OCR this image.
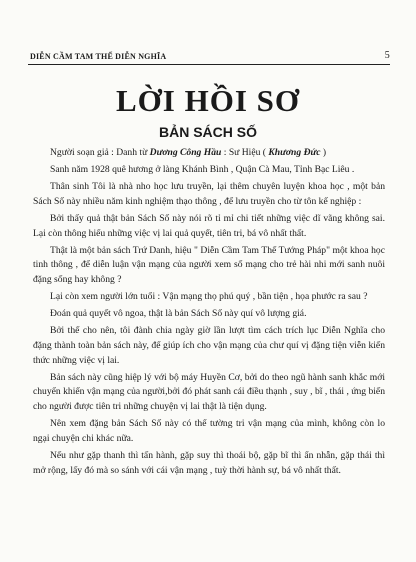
DIỄN CẦM TAM THẾ DIỄN NGHĨA	5
LỜI HỒI SƠ
BẢN SÁCH SỐ

Người soạn giả : Danh từ Dương Công Hầu : Sư Hiệu ( Khương Đức )

Sanh năm 1928 quê hương ở làng Khánh Bình , Quận Cà Mau, Tỉnh Bạc Liêu .

Thân sinh Tôi là nhà nho học lưu truyền, lại thêm chuyên luyện khoa học , một bản Sách Số này nhiều năm kinh nghiệm thạo thông , để lưu truyền cho từ tôn kế nghiệp :

Bởi thấy quả thật bản Sách Số này nói rõ tỉ mỉ chi tiết những việc dĩ vãng không sai. Lại còn thông hiểu những việc vị lai quả quyết, tiên tri, bá vô nhất thất.

Thật là một bản sách Trứ Danh, hiệu " Diễn Cầm Tam Thế Tướng Pháp" một khoa học tinh thông , để diễn luận vận mạng của người xem số mạng cho trẻ hài nhi mới sanh nuôi đặng sống hay không ?

Lại còn xem người lớn tuổi : Vận mạng thọ phú quý , bần tiện , họa phước ra sau ?

Đoán quả quyết vô ngoa, thật là bản Sách Số này quí vô lượng giá.

Bởi thế cho nên, tôi đành chia ngày giờ lần lượt tìm cách trích lục Diễn Nghĩa cho đặng thành toàn bản sách này, để giúp ích cho vận mạng của chư quí vị đặng tiện viễn kiến thức những việc vị lai.

Bản sách này cũng hiệp lý với bộ máy Huyền Cơ, bởi do theo ngũ hành sanh khắc mới chuyển khiến vận mạng của người,bởi đó phát sanh cái điều thạnh , suy , bĩ , thái , ứng biến cho người được tiên tri những chuyện vị lai thật là tiện dụng.

Nên xem đặng bản Sách Số này có thể tường tri vận mạng của mình, không còn lo ngại chuyện chi khác nữa.

Nếu như gặp thanh thì tấn hành, gặp suy thì thoái bộ, gặp bĩ thì ẩn nhẫn, gặp thái thì mở rộng, lấy đó mà so sánh với cái vận mạng , tuỳ thời hành sự, bá vô nhất thất.
